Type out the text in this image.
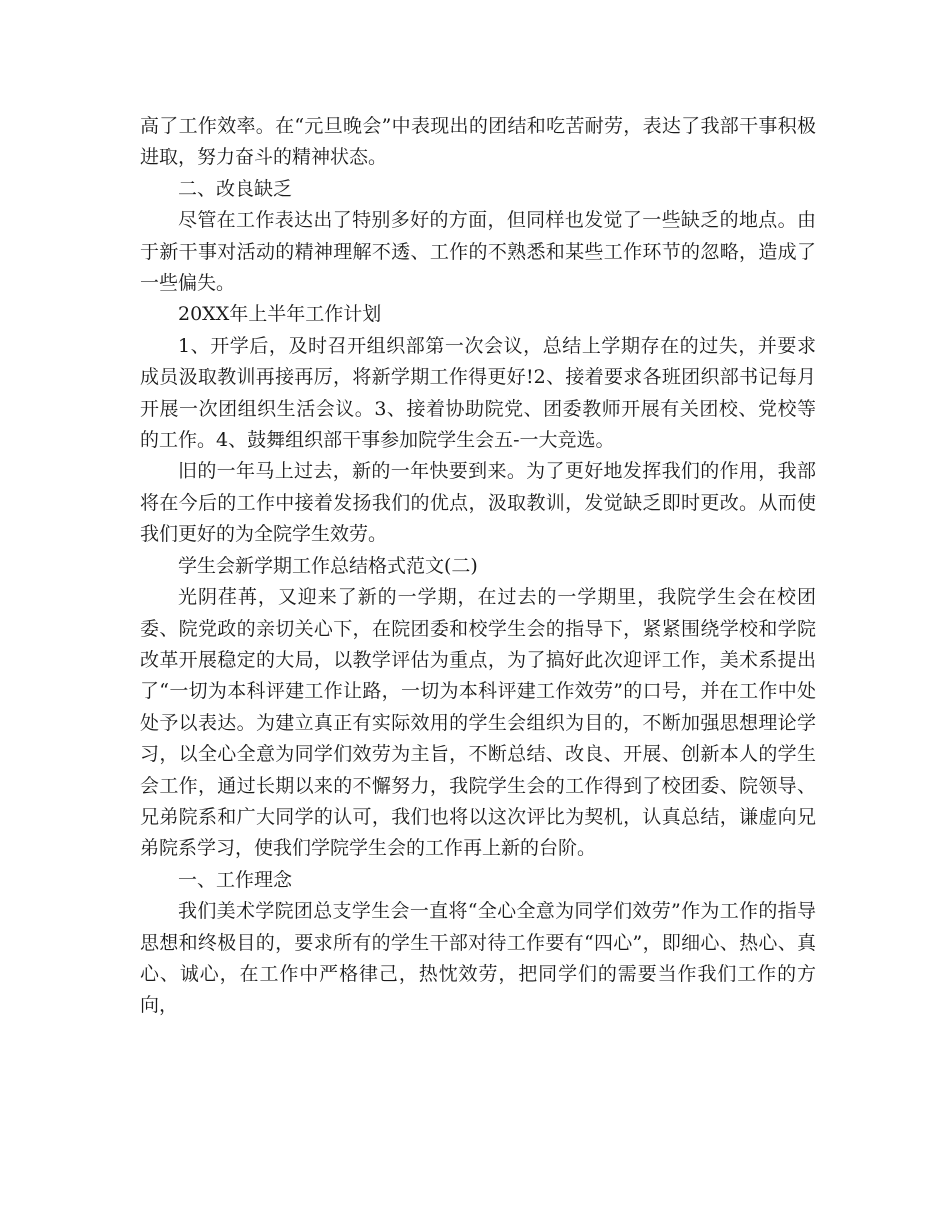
高了工作效率。在“元旦晚会”中表现出的团结和吃苦耐劳，表达了我部干事积极进取，努力奋斗的精神状态。

二、改良缺乏

尽管在工作表达出了特别多好的方面，但同样也发觉了一些缺乏的地点。由于新干事对活动的精神理解不透、工作的不熟悉和某些工作环节的忽略，造成了一些偏失。

20XX年上半年工作计划

1、开学后，及时召开组织部第一次会议，总结上学期存在的过失，并要求成员汲取教训再接再厉，将新学期工作得更好!2、接着要求各班团织部书记每月开展一次团组织生活会议。3、接着协助院党、团委教师开展有关团校、党校等的工作。4、鼓舞组织部干事参加院学生会五-一大竞选。

旧的一年马上过去，新的一年快要到来。为了更好地发挥我们的作用，我部将在今后的工作中接着发扬我们的优点，汲取教训，发觉缺乏即时更改。从而使我们更好的为全院学生效劳。

学生会新学期工作总结格式范文(二)

光阴荏苒，又迎来了新的一学期，在过去的一学期里，我院学生会在校团委、院党政的亲切关心下，在院团委和校学生会的指导下，紧紧围绕学校和学院改革开展稳定的大局，以教学评估为重点，为了搞好此次迎评工作，美术系提出了“一切为本科评建工作让路，一切为本科评建工作效劳”的口号，并在工作中处处予以表达。为建立真正有实际效用的学生会组织为目的，不断加强思想理论学习，以全心全意为同学们效劳为主旨，不断总结、改良、开展、创新本人的学生会工作，通过长期以来的不懈努力，我院学生会的工作得到了校团委、院领导、兄弟院系和广大同学的认可，我们也将以这次评比为契机，认真总结，谦虚向兄弟院系学习，使我们学院学生会的工作再上新的台阶。

一、工作理念

我们美术学院团总支学生会一直将“全心全意为同学们效劳”作为工作的指导思想和终极目的，要求所有的学生干部对待工作要有“四心”，即细心、热心、真心、诚心，在工作中严格律己，热忱效劳，把同学们的需要当作我们工作的方向，
